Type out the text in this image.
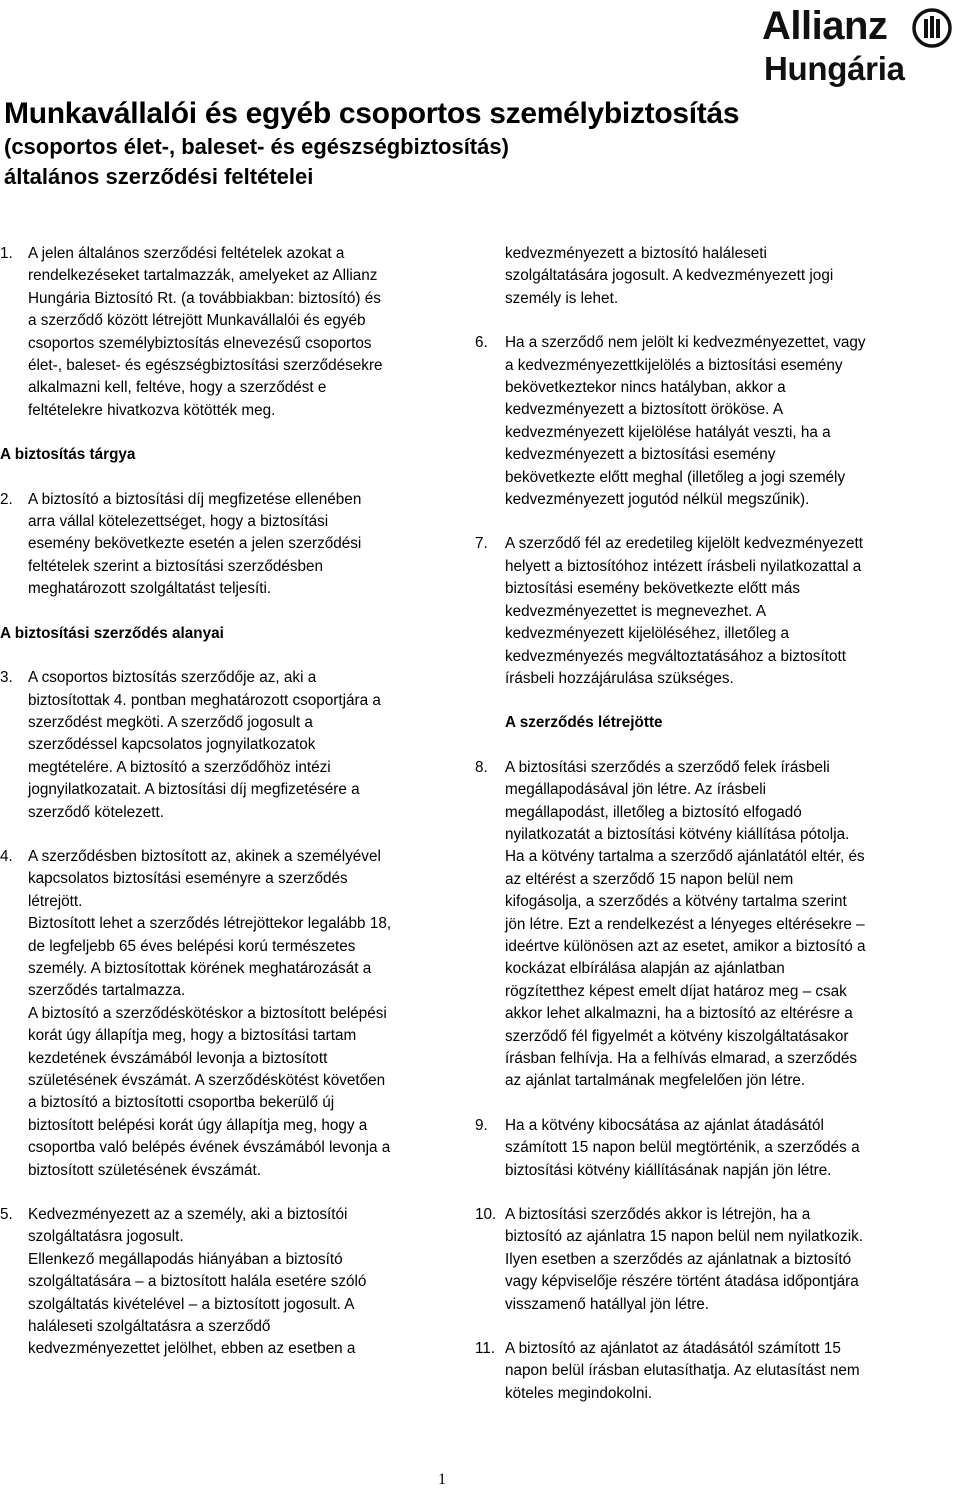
Allianz
Hungária
Munkavállalói és egyéb csoportos személybiztosítás
(csoportos élet-, baleset- és egészségbiztosítás)
általános szerződési feltételei
1. A jelen általános szerződési feltételek azokat a
rendelkezéseket tartalmazzák, amelyeket az Allianz
Hungária Biztosító Rt. (a továbbiakban: biztosító) és
a szerződő között létrejött Munkavállalói és egyéb
csoportos személybiztosítás elnevezésű csoportos
élet-, baleset- és egészségbiztosítási szerződésekre
alkalmazni kell, feltéve, hogy a szerződést e
feltételekre hivatkozva kötötték meg.
A biztosítás tárgya
2. A biztosító a biztosítási díj megfizetése ellenében
arra vállal kötelezettséget, hogy a biztosítási
esemény bekövetkezte esetén a jelen szerződési
feltételek szerint a biztosítási szerződésben
meghatározott szolgáltatást teljesíti.
A biztosítási szerződés alanyai
3. A csoportos biztosítás szerződője az, aki a
biztosítottak 4. pontban meghatározott csoportjára a
szerződést megköti. A szerződő jogosult a
szerződéssel kapcsolatos jognyilatkozatok
megtételére. A biztosító a szerződőhöz intézi
jognyilatkozatait. A biztosítási díj megfizetésére a
szerződő kötelezett.
4. A szerződésben biztosított az, akinek a személyével
kapcsolatos biztosítási eseményre a szerződés
létrejött.
Biztosított lehet a szerződés létrejöttekor legalább 18,
de legfeljebb 65 éves belépési korú természetes
személy. A biztosítottak körének meghatározását a
szerződés tartalmazza.
A biztosító a szerződéskötéskor a biztosított belépési
korát úgy állapítja meg, hogy a biztosítási tartam
kezdetének évszámából levonja a biztosított
születésének évszámát. A szerződéskötést követően
a biztosító a biztosítotti csoportba bekerülő új
biztosított belépési korát úgy állapítja meg, hogy a
csoportba való belépés évének évszámából levonja a
biztosított születésének évszámát.
5. Kedvezményezett az a személy, aki a biztosítói
szolgáltatásra jogosult.
Ellenkező megállapodás hiányában a biztosító
szolgáltatására – a biztosított halála esetére szóló
szolgáltatás kivételével – a biztosított jogosult. A
haláleseti szolgáltatásra a szerződő
kedvezményezettet jelölhet, ebben az esetben a
kedvezményezett a biztosító haláleseti
szolgáltatására jogosult. A kedvezményezett jogi
személy is lehet.
6.	Ha a szerződő nem jelölt ki kedvezményezettet, vagy
a kedvezményezettkijelölés a biztosítási esemény
bekövetkeztekor nincs hatályban, akkor a
kedvezményezett a biztosított örököse. A
kedvezményezett kijelölése hatályát veszti, ha a
kedvezményezett a biztosítási esemény
bekövetkezte előtt meghal (illetőleg a jogi személy
kedvezményezett jogutód nélkül megszűnik).
7.	A szerződő fél az eredetileg kijelölt kedvezményezett
helyett a biztosítóhoz intézett írásbeli nyilatkozattal a
biztosítási esemény bekövetkezte előtt más
kedvezményezettet is megnevezhet. A
kedvezményezett kijelöléséhez, illetőleg a
kedvezményezés megváltoztatásához a biztosított
írásbeli hozzájárulása szükséges.
A szerződés létrejötte
8.	A biztosítási szerződés a szerződő felek írásbeli
megállapodásával jön létre. Az írásbeli
megállapodást, illetőleg a biztosító elfogadó
nyilatkozatát a biztosítási kötvény kiállítása pótolja.
Ha a kötvény tartalma a szerződő ajánlatától eltér, és
az eltérést a szerződő 15 napon belül nem
kifogásolja, a szerződés a kötvény tartalma szerint
jön létre. Ezt a rendelkezést a lényeges eltérésekre –
ideértve különösen azt az esetet, amikor a biztosító a
kockázat elbírálása alapján az ajánlatban
rögzítetthez képest emelt díjat határoz meg – csak
akkor lehet alkalmazni, ha a biztosító az eltérésre a
szerződő fél figyelmét a kötvény kiszolgáltatásakor
írásban felhívja. Ha a felhívás elmarad, a szerződés
az ajánlat tartalmának megfelelően jön létre.
9.	Ha a kötvény kibocsátása az ajánlat átadásától
számított 15 napon belül megtörténik, a szerződés a
biztosítási kötvény kiállításának napján jön létre.
10. A biztosítási szerződés akkor is létrejön, ha a
biztosító az ajánlatra 15 napon belül nem nyilatkozik.
Ilyen esetben a szerződés az ajánlatnak a biztosító
vagy képviselője részére történt átadása időpontjára
visszamenő hatállyal jön létre.
11. A biztosító az ajánlatot az átadásától számított 15
napon belül írásban elutasíthatja. Az elutasítást nem
köteles megindokolni.
1
